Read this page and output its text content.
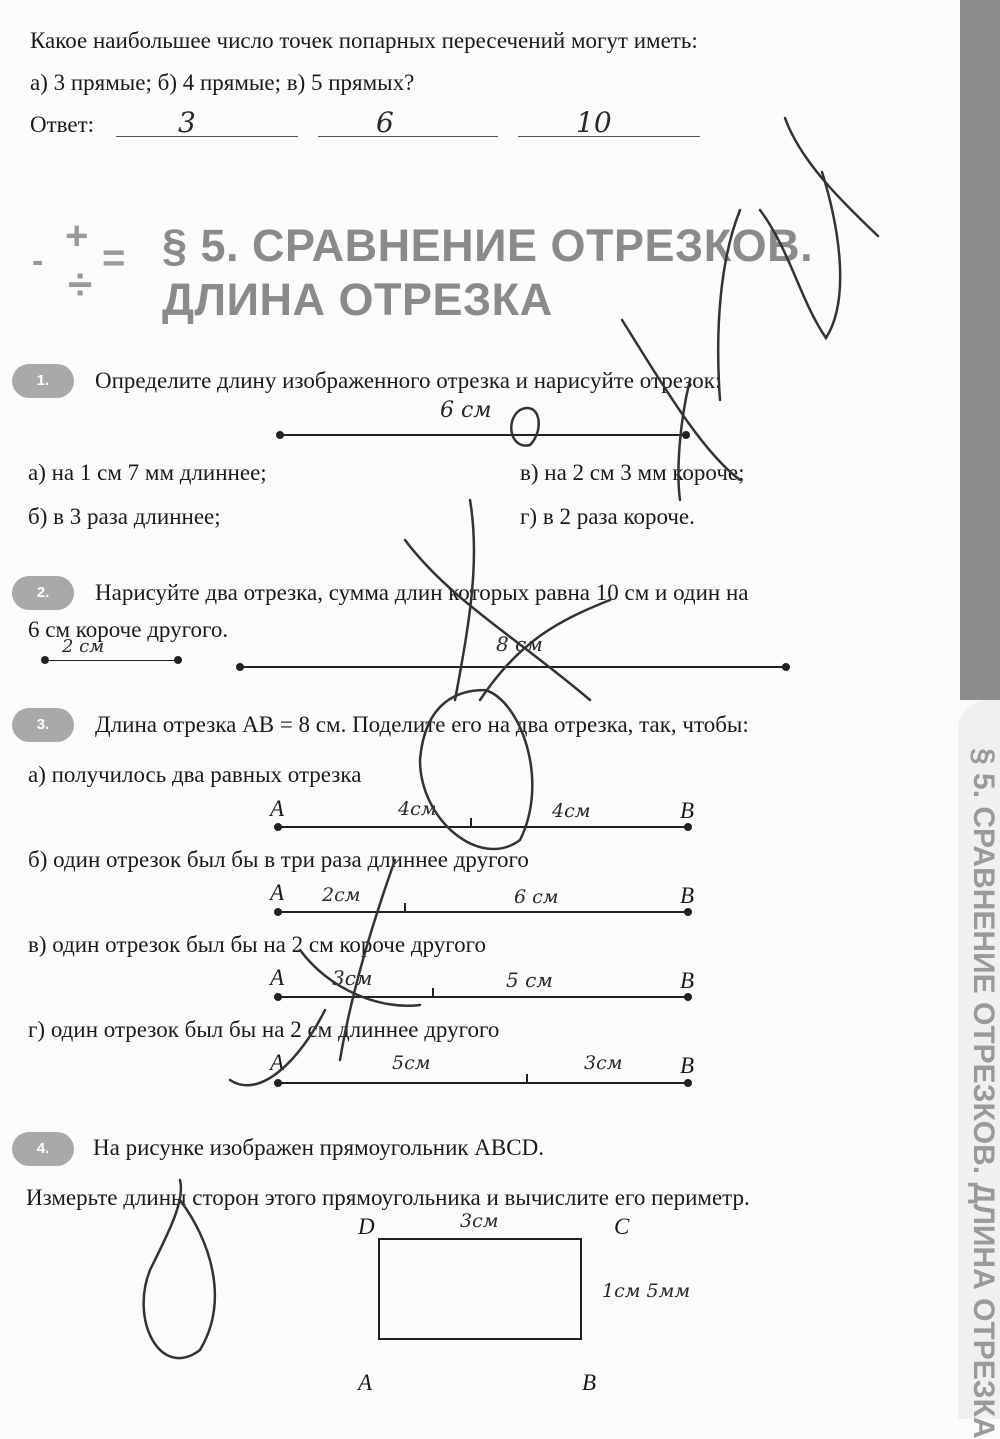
§ 5. СРАВНЕНИЕ ОТРЕЗКОВ. ДЛИНА ОТРЕЗКА
Какое наибольшее число точек попарных пересечений могут иметь:
а) 3 прямые; б) 4 прямые; в) 5 прямых?
Ответ:	3	6	10
+
- =
÷
§ 5. СРАВНЕНИЕ ОТРЕЗКОВ.
ДЛИНА ОТРЕЗКА
1.	Определите длину изображенного отрезка и нарисуйте отрезок:
6 см
а) на 1 см 7 мм длиннее;	в) на 2 см 3 мм короче;
б) в 3 раза длиннее;	г) в 2 раза короче.
2.	Нарисуйте два отрезка, сумма длин которых равна 10 см и один на
6 см короче другого.
2 см	8 см
3.	Длина отрезка AB = 8 см. Поделите его на два отрезка, так, чтобы:
а) получилось два равных отрезка
A	B
4см	4см
б) один отрезок был бы в три раза длиннее другого
A	B
2см	6 см
в) один отрезок был бы на 2 см короче другого
A	B
3см	5 см
г) один отрезок был бы на 2 см длиннее другого
A	B
5см	3см
4.	На рисунке изображен прямоугольник ABCD.
Измерьте длины сторон этого прямоугольника и вычислите его периметр.
D	C
A	B
3см
1см 5мм
